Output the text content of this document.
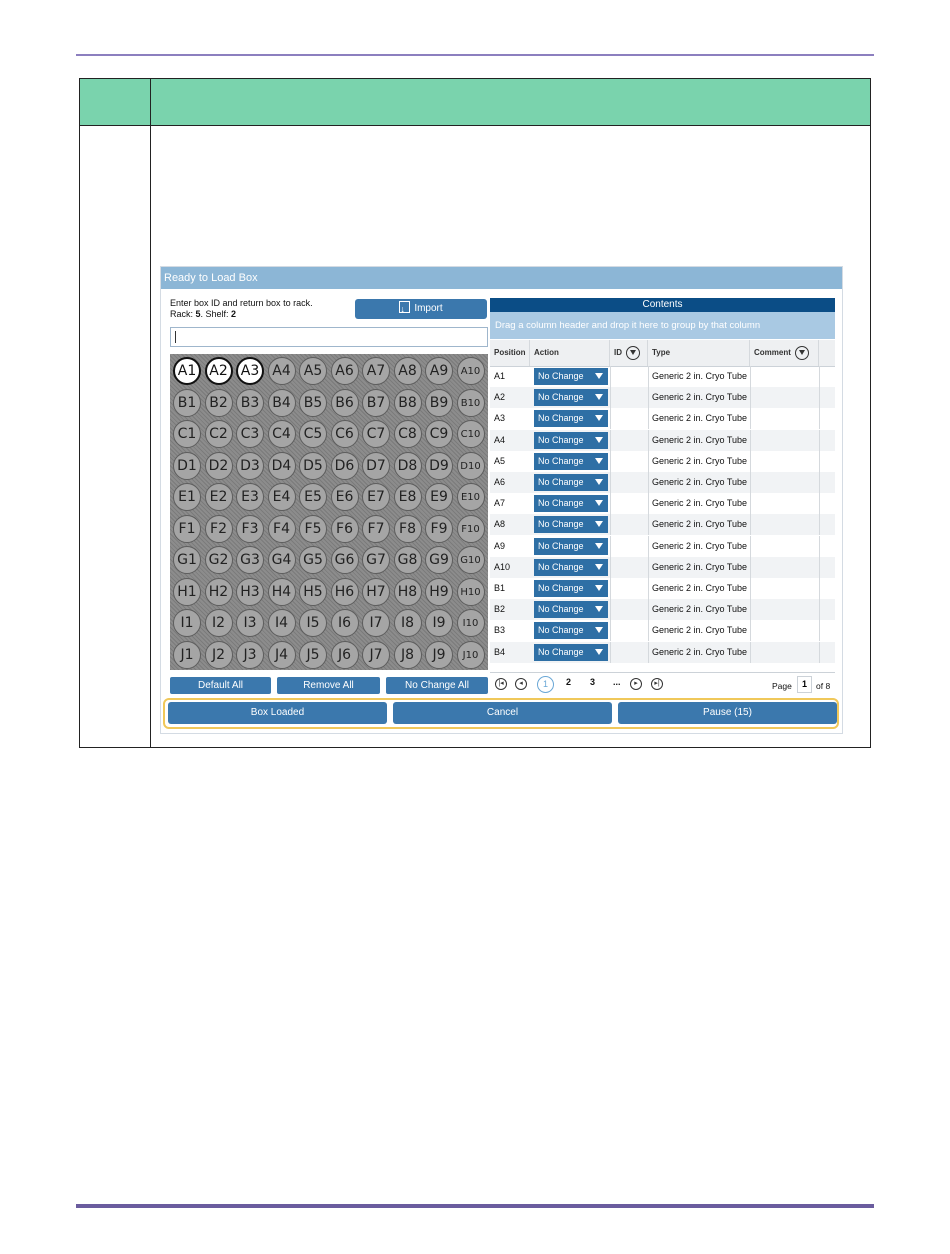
Ready to Load Box
Enter box ID and return box to rack.
Rack: 5. Shelf: 2
↓	Import
A1 A2 A3 A4 A5 A6 A7 A8 A9	A10
B1 B2 B3 B4 B5 B6 B7 B8 B9	B10
C1 C2 C3 C4 C5 C6 C7 C8 C9	C10
D1 D2 D3 D4 D5 D6 D7 D8 D9	D10
E1 E2 E3 E4 E5 E6 E7 E8 E9	E10
F1	F2	F3	F4	F5	F6	F7	F8	F9	F10
G1 G2 G3 G4 G5 G6 G7 G8 G9	G10
H1 H2 H3 H4 H5 H6 H7 H8 H9	H10
I1	I2	I3	I4	I5	I6	I7	I8	I9	I10
J1	J2	J3	J4	J5	J6	J7	J8	J9	J10
Default All	Remove All	No Change All
Contents
Drag a column header and drop it here to group by that column
Position	Action	ID	Type	Comment
A1	No Change	Generic 2 in. Cryo Tube
A2	No Change	Generic 2 in. Cryo Tube
A3	No Change	Generic 2 in. Cryo Tube
A4	No Change	Generic 2 in. Cryo Tube
A5	No Change	Generic 2 in. Cryo Tube
A6	No Change	Generic 2 in. Cryo Tube
A7	No Change	Generic 2 in. Cryo Tube
A8	No Change	Generic 2 in. Cryo Tube
A9	No Change	Generic 2 in. Cryo Tube
A10	No Change	Generic 2 in. Cryo Tube
B1	No Change	Generic 2 in. Cryo Tube
B2	No Change	Generic 2 in. Cryo Tube
B3	No Change	Generic 2 in. Cryo Tube
B4	No Change	Generic 2 in. Cryo Tube
|◂	◂	1	2 3 ...	▸	▸|	Page	1	of 8
Box Loaded	Cancel	Pause (15)
